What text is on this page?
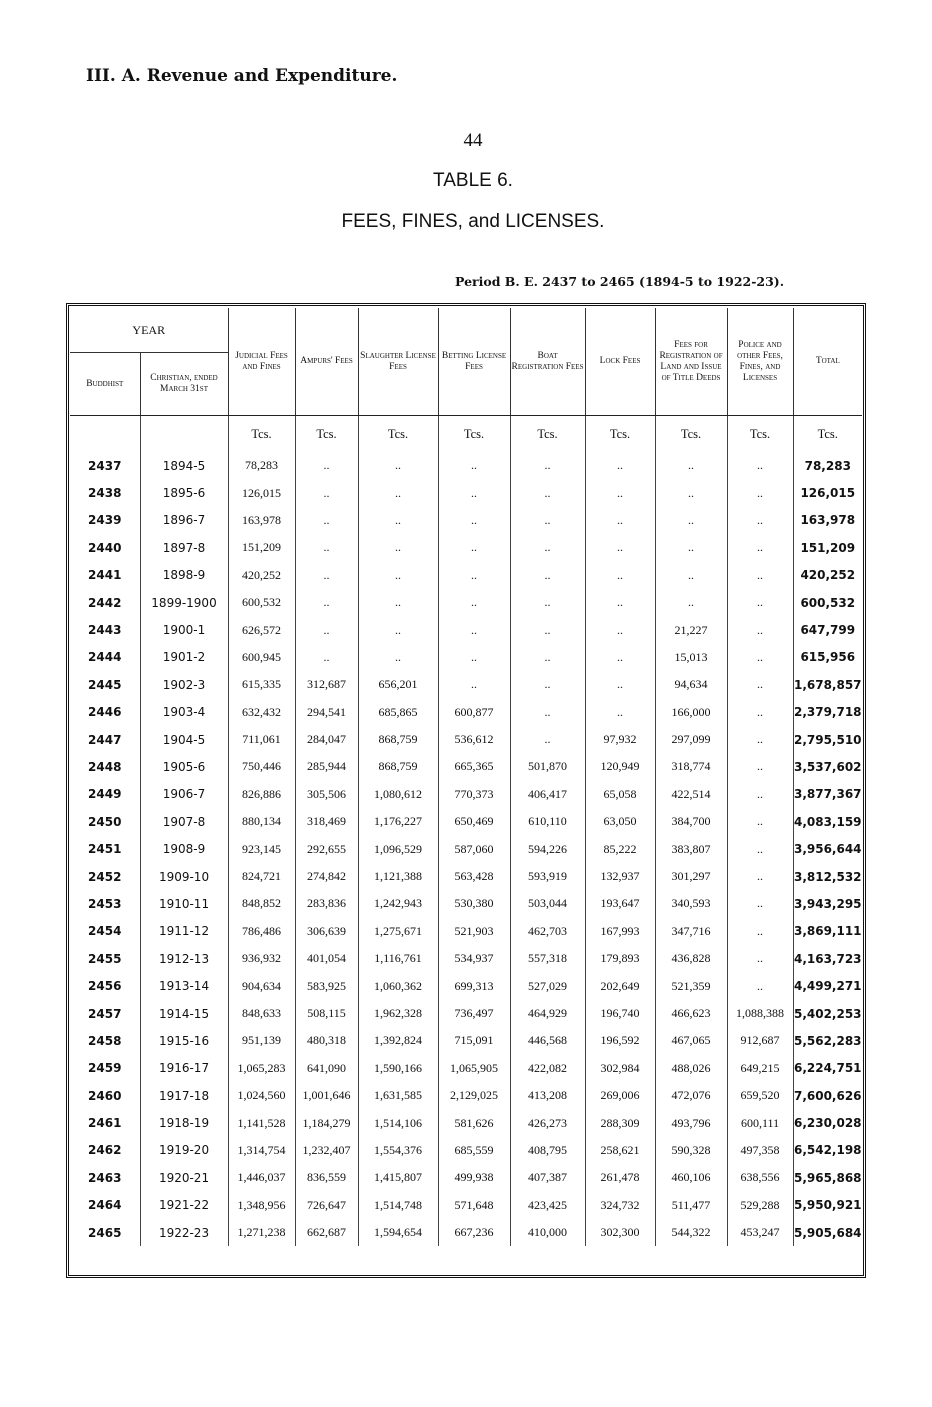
III. A. Revenue and Expenditure.
44
TABLE 6.
FEES, FINES, and LICENSES.
Period B. E. 2437 to 2465 (1894-5 to 1922-23).
YEAR		Judicial Fees and Fines	Ampurs' Fees	Slaughter License Fees	Betting License Fees	Boat Registration Fees	Lock Fees	Fees for Registration of Land and Issue of Title Deeds	Police and other Fees, Fines, and Licenses	Total
Buddhist	Christian, ended March 31st									

		Tcs.	Tcs.	Tcs.	Tcs.	Tcs.	Tcs.	Tcs.	Tcs.	Tcs.
2437	1894-5	78,283	..	..	..	..	..	..	..	78,283
2438	1895-6	126,015	..	..	..	..	..	..	..	126,015
2439	1896-7	163,978	..	..	..	..	..	..	..	163,978
2440	1897-8	151,209	..	..	..	..	..	..	..	151,209
2441	1898-9	420,252	..	..	..	..	..	..	..	420,252
2442	1899-1900	600,532	..	..	..	..	..	..	..	600,532
2443	1900-1	626,572	..	..	..	..	..	21,227	..	647,799
2444	1901-2	600,945	..	..	..	..	..	15,013	..	615,956
2445	1902-3	615,335	312,687	656,201	..	..	..	94,634	..	1,678,857
2446	1903-4	632,432	294,541	685,865	600,877	..	..	166,000	..	2,379,718
2447	1904-5	711,061	284,047	868,759	536,612	..	97,932	297,099	..	2,795,510
2448	1905-6	750,446	285,944	868,759	665,365	501,870	120,949	318,774	..	3,537,602
2449	1906-7	826,886	305,506	1,080,612	770,373	406,417	65,058	422,514	..	3,877,367
2450	1907-8	880,134	318,469	1,176,227	650,469	610,110	63,050	384,700	..	4,083,159
2451	1908-9	923,145	292,655	1,096,529	587,060	594,226	85,222	383,807	..	3,956,644
2452	1909-10	824,721	274,842	1,121,388	563,428	593,919	132,937	301,297	..	3,812,532
2453	1910-11	848,852	283,836	1,242,943	530,380	503,044	193,647	340,593	..	3,943,295
2454	1911-12	786,486	306,639	1,275,671	521,903	462,703	167,993	347,716	..	3,869,111
2455	1912-13	936,932	401,054	1,116,761	534,937	557,318	179,893	436,828	..	4,163,723
2456	1913-14	904,634	583,925	1,060,362	699,313	527,029	202,649	521,359	..	4,499,271
2457	1914-15	848,633	508,115	1,962,328	736,497	464,929	196,740	466,623	1,088,388	5,402,253
2458	1915-16	951,139	480,318	1,392,824	715,091	446,568	196,592	467,065	912,687	5,562,283
2459	1916-17	1,065,283	641,090	1,590,166	1,065,905	422,082	302,984	488,026	649,215	6,224,751
2460	1917-18	1,024,560	1,001,646	1,631,585	2,129,025	413,208	269,006	472,076	659,520	7,600,626
2461	1918-19	1,141,528	1,184,279	1,514,106	581,626	426,273	288,309	493,796	600,111	6,230,028
2462	1919-20	1,314,754	1,232,407	1,554,376	685,559	408,795	258,621	590,328	497,358	6,542,198
2463	1920-21	1,446,037	836,559	1,415,807	499,938	407,387	261,478	460,106	638,556	5,965,868
2464	1921-22	1,348,956	726,647	1,514,748	571,648	423,425	324,732	511,477	529,288	5,950,921
2465	1922-23	1,271,238	662,687	1,594,654	667,236	410,000	302,300	544,322	453,247	5,905,684
